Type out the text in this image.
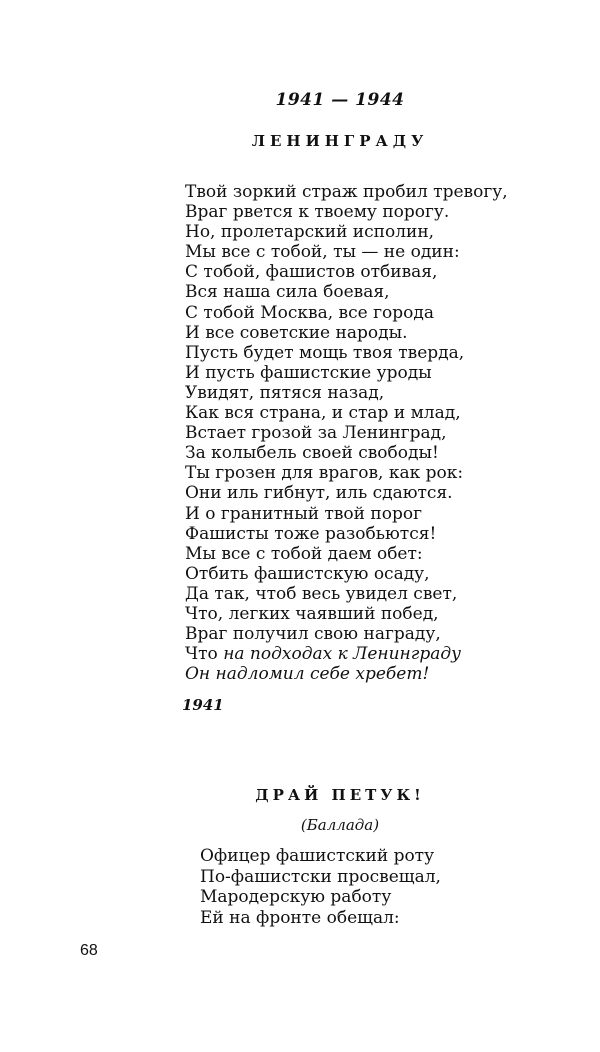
1941 — 1944
ЛЕНИНГРАДУ
Твой зоркий страж пробил тревогу,
Враг рвется к твоему порогу.
Но, пролетарский исполин,
Мы все с тобой, ты — не один:
С тобой, фашистов отбивая,
Вся наша сила боевая,
С тобой Москва, все города
И все советские народы.
Пусть будет мощь твоя тверда,
И пусть фашистские уроды
Увидят, пятяся назад,
Как вся страна, и стар и млад,
Встает грозой за Ленинград,
За колыбель своей свободы!
Ты грозен для врагов, как рок:
Они иль гибнут, иль сдаются.
И о гранитный твой порог
Фашисты тоже разобьются!
Мы все с тобой даем обет:
Отбить фашистскую осаду,
Да так, чтоб весь увидел свет,
Что, легких чаявший побед,
Враг получил свою награду,
Что на подходах к Ленинграду
Он надломил себе хребет!
1941
ДРАЙ ПЕТУК!
(Баллада)
Офицер фашистский роту
По-фашистски просвещал,
Мародерскую работу
Ей на фронте обещал:
68
